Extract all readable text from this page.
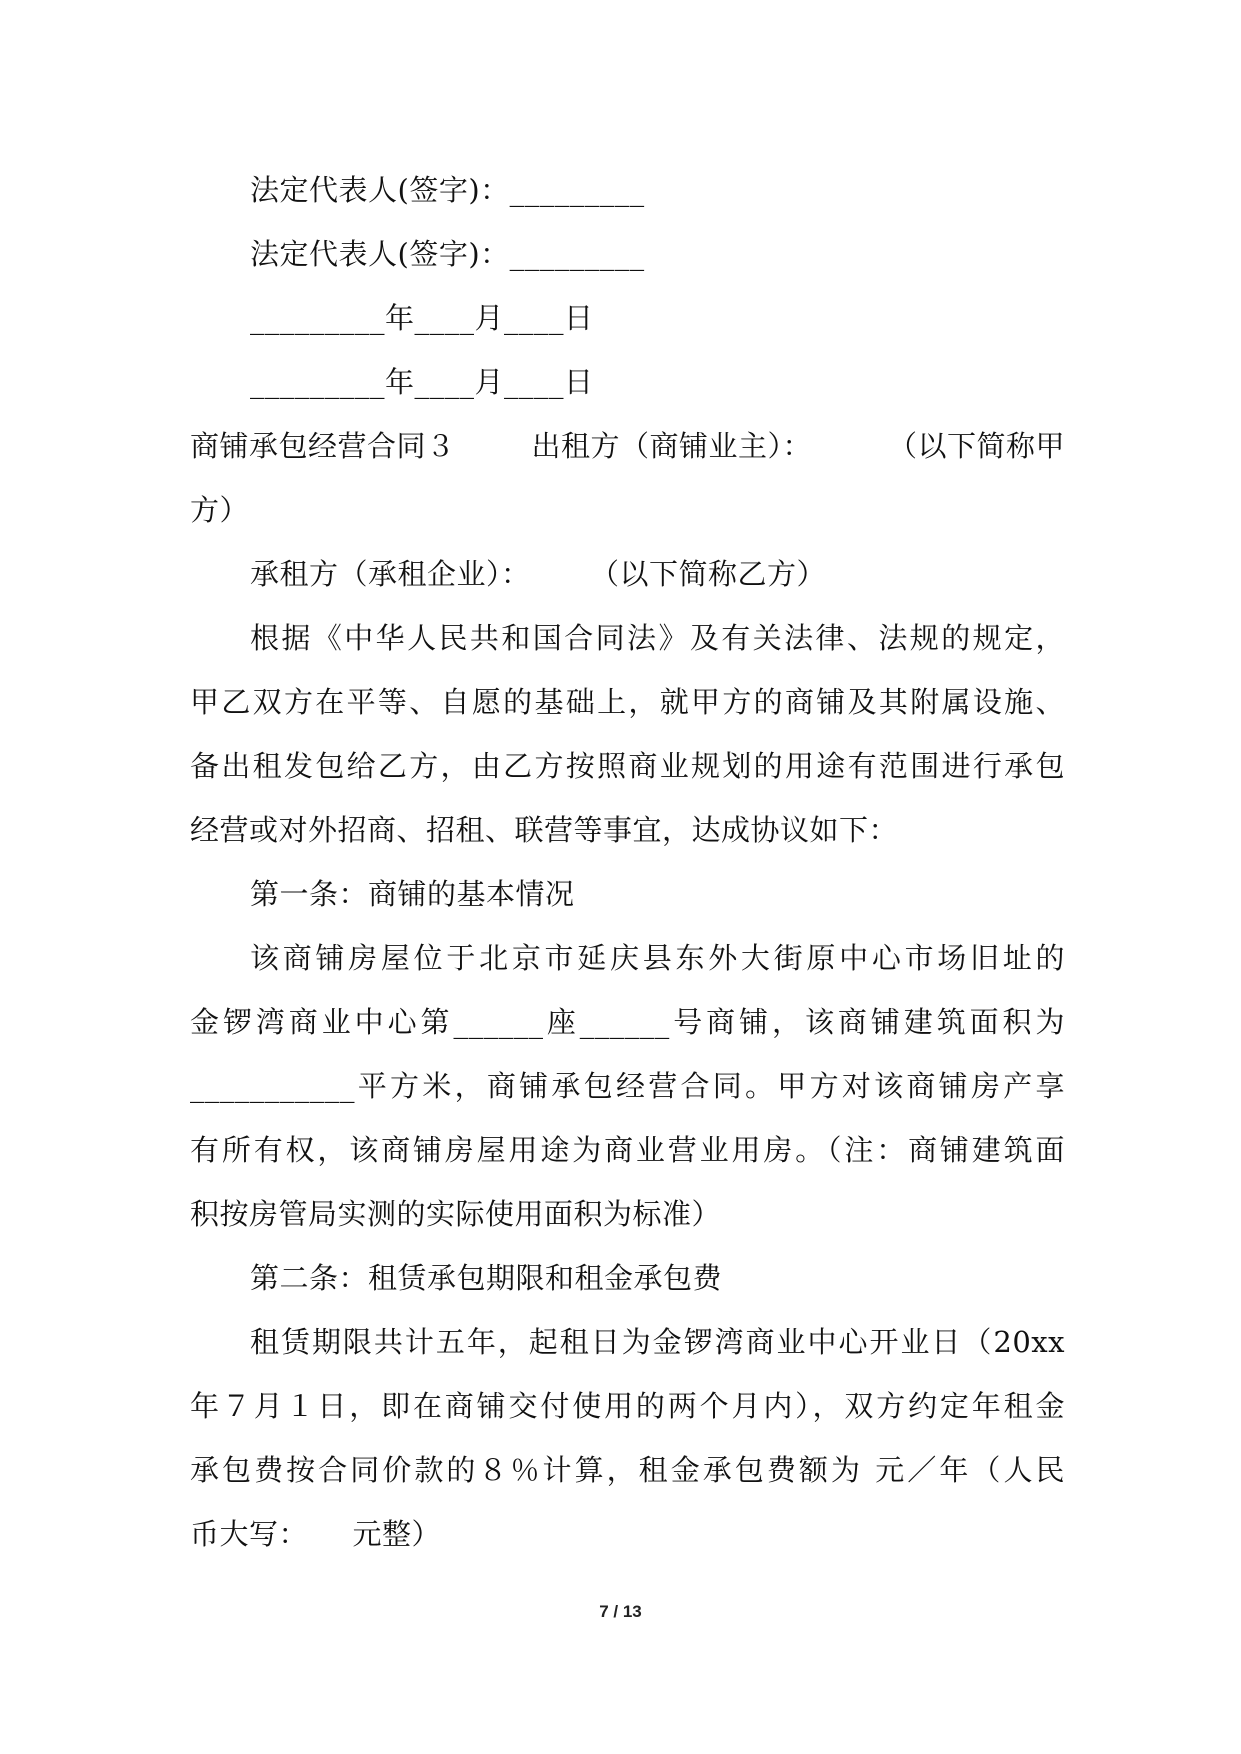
法定代表人(签字)：_________
法定代表人(签字)：_________
_________年____月____日
_________年____月____日
商铺承包经营合同３	出租方（商铺业主）：	（以下简称甲
方）
承租方（承租企业）：　　　（以下简称乙方）
根据《中华人民共和国合同法》及有关法律、法规的规定，
甲乙双方在平等、自愿的基础上，就甲方的商铺及其附属设施、
备出租发包给乙方，由乙方按照商业规划的用途有范围进行承包
经营或对外招商、招租、联营等事宜，达成协议如下：
第一条：商铺的基本情况
该商铺房屋位于北京市延庆县东外大街原中心市场旧址的
金锣湾商业中心第______座______号商铺，该商铺建筑面积为
___________平方米，商铺承包经营合同。甲方对该商铺房产享
有所有权，该商铺房屋用途为商业营业用房。（注：商铺建筑面
积按房管局实测的实际使用面积为标准）
第二条：租赁承包期限和租金承包费
租赁期限共计五年，起租日为金锣湾商业中心开业日（20xx
年７月１日，即在商铺交付使用的两个月内），双方约定年租金
承包费按合同价款的８％计算，租金承包费额为 元／年（人民
币大写：　　元整）
7 / 13
